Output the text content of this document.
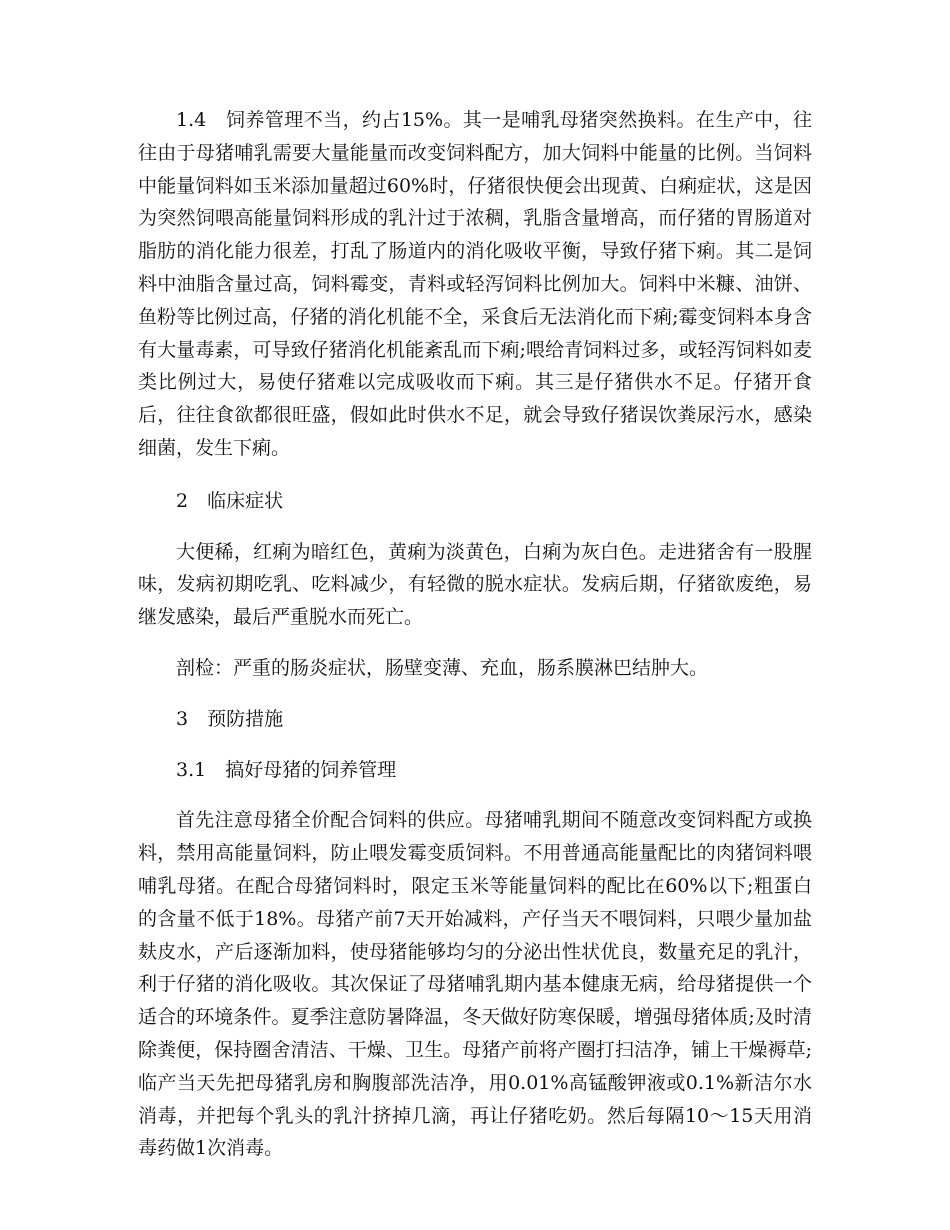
1.4　饲养管理不当，约占15%。其一是哺乳母猪突然换料。在生产中，往往由于母猪哺乳需要大量能量而改变饲料配方，加大饲料中能量的比例。当饲料中能量饲料如玉米添加量超过60%时，仔猪很快便会出现黄、白痢症状，这是因为突然饲喂高能量饲料形成的乳汁过于浓稠，乳脂含量增高，而仔猪的胃肠道对脂肪的消化能力很差，打乱了肠道内的消化吸收平衡，导致仔猪下痢。其二是饲料中油脂含量过高，饲料霉变，青料或轻泻饲料比例加大。饲料中米糠、油饼、鱼粉等比例过高，仔猪的消化机能不全，采食后无法消化而下痢;霉变饲料本身含有大量毒素，可导致仔猪消化机能紊乱而下痢;喂给青饲料过多，或轻泻饲料如麦类比例过大，易使仔猪难以完成吸收而下痢。其三是仔猪供水不足。仔猪开食后，往往食欲都很旺盛，假如此时供水不足，就会导致仔猪误饮粪尿污水，感染细菌，发生下痢。

2　临床症状

大便稀，红痢为暗红色，黄痢为淡黄色，白痢为灰白色。走进猪舍有一股腥味，发病初期吃乳、吃料减少，有轻微的脱水症状。发病后期，仔猪欲废绝，易继发感染，最后严重脱水而死亡。

剖检：严重的肠炎症状，肠壁变薄、充血，肠系膜淋巴结肿大。

3　预防措施

3.1　搞好母猪的饲养管理

首先注意母猪全价配合饲料的供应。母猪哺乳期间不随意改变饲料配方或换料，禁用高能量饲料，防止喂发霉变质饲料。不用普通高能量配比的肉猪饲料喂哺乳母猪。在配合母猪饲料时，限定玉米等能量饲料的配比在60%以下;粗蛋白的含量不低于18%。母猪产前7天开始减料，产仔当天不喂饲料，只喂少量加盐麸皮水，产后逐渐加料，使母猪能够均匀的分泌出性状优良，数量充足的乳汁，利于仔猪的消化吸收。其次保证了母猪哺乳期内基本健康无病，给母猪提供一个适合的环境条件。夏季注意防暑降温，冬天做好防寒保暖，增强母猪体质;及时清除粪便，保持圈舍清洁、干燥、卫生。母猪产前将产圈打扫洁净，铺上干燥褥草;临产当天先把母猪乳房和胸腹部洗洁净，用0.01%高锰酸钾液或0.1%新洁尔水消毒，并把每个乳头的乳汁挤掉几滴，再让仔猪吃奶。然后每隔10～15天用消毒药做1次消毒。
